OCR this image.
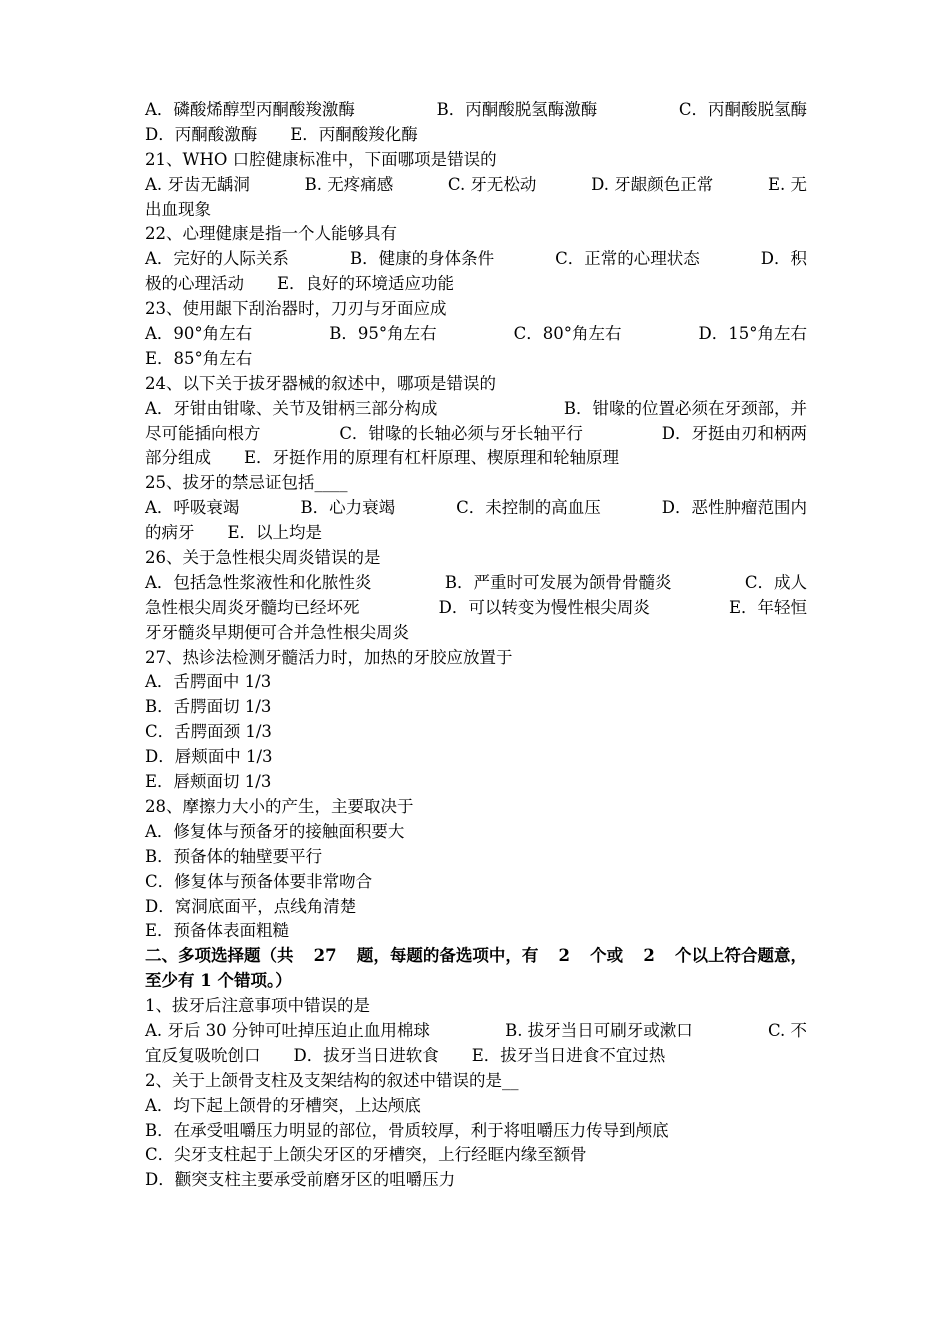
A．磷酸烯醇型丙酮酸羧激酶	B．丙酮酸脱氢酶激酶	C．丙酮酸脱氢酶
D．丙酮酸激酶　　E．丙酮酸羧化酶
21、WHO 口腔健康标准中，下面哪项是错误的
A. 牙齿无龋洞	B. 无疼痛感	C. 牙无松动	D. 牙龈颜色正常	E. 无
出血现象
22、心理健康是指一个人能够具有
A．完好的人际关系	B．健康的身体条件	C．正常的心理状态	D．积
极的心理活动　　E．良好的环境适应功能
23、使用龈下刮治器时，刀刃与牙面应成
A．90°角左右	B．95°角左右	C．80°角左右	D．15°角左右
E．85°角左右
24、以下关于拔牙器械的叙述中，哪项是错误的
A．牙钳由钳喙、关节及钳柄三部分构成	B．钳喙的位置必须在牙颈部，并
尽可能插向根方	C．钳喙的长轴必须与牙长轴平行	D．牙挺由刃和柄两
部分组成　　E．牙挺作用的原理有杠杆原理、楔原理和轮轴原理
25、拔牙的禁忌证包括____
A．呼吸衰竭	B．心力衰竭	C．未控制的高血压	D．恶性肿瘤范围内
的病牙　　E．以上均是
26、关于急性根尖周炎错误的是
A．包括急性浆液性和化脓性炎	B．严重时可发展为颌骨骨髓炎	C．成人
急性根尖周炎牙髓均已经坏死	D．可以转变为慢性根尖周炎	E．年轻恒
牙牙髓炎早期便可合并急性根尖周炎
27、热诊法检测牙髓活力时，加热的牙胶应放置于
A．舌腭面中 1/3
B．舌腭面切 1/3
C．舌腭面颈 1/3
D．唇颊面中 1/3
E．唇颊面切 1/3
28、摩擦力大小的产生，主要取决于
A．修复体与预备牙的接触面积要大
B．预备体的轴壁要平行
C．修复体与预备体要非常吻合
D．窝洞底面平，点线角清楚
E．预备体表面粗糙
二、多项选择题（共 27 题，每题的备选项中，有 2 个或 2 个以上符合题意，
至少有 1 个错项。）
1、拔牙后注意事项中错误的是
A. 牙后 30 分钟可吐掉压迫止血用棉球	B. 拔牙当日可刷牙或漱口	C. 不
宜反复吸吮创口　　D．拔牙当日进软食　　E．拔牙当日进食不宜过热
2、关于上颌骨支柱及支架结构的叙述中错误的是__
A．均下起上颌骨的牙槽突，上达颅底
B．在承受咀嚼压力明显的部位，骨质较厚，利于将咀嚼压力传导到颅底
C．尖牙支柱起于上颌尖牙区的牙槽突，上行经眶内缘至额骨
D．颧突支柱主要承受前磨牙区的咀嚼压力
